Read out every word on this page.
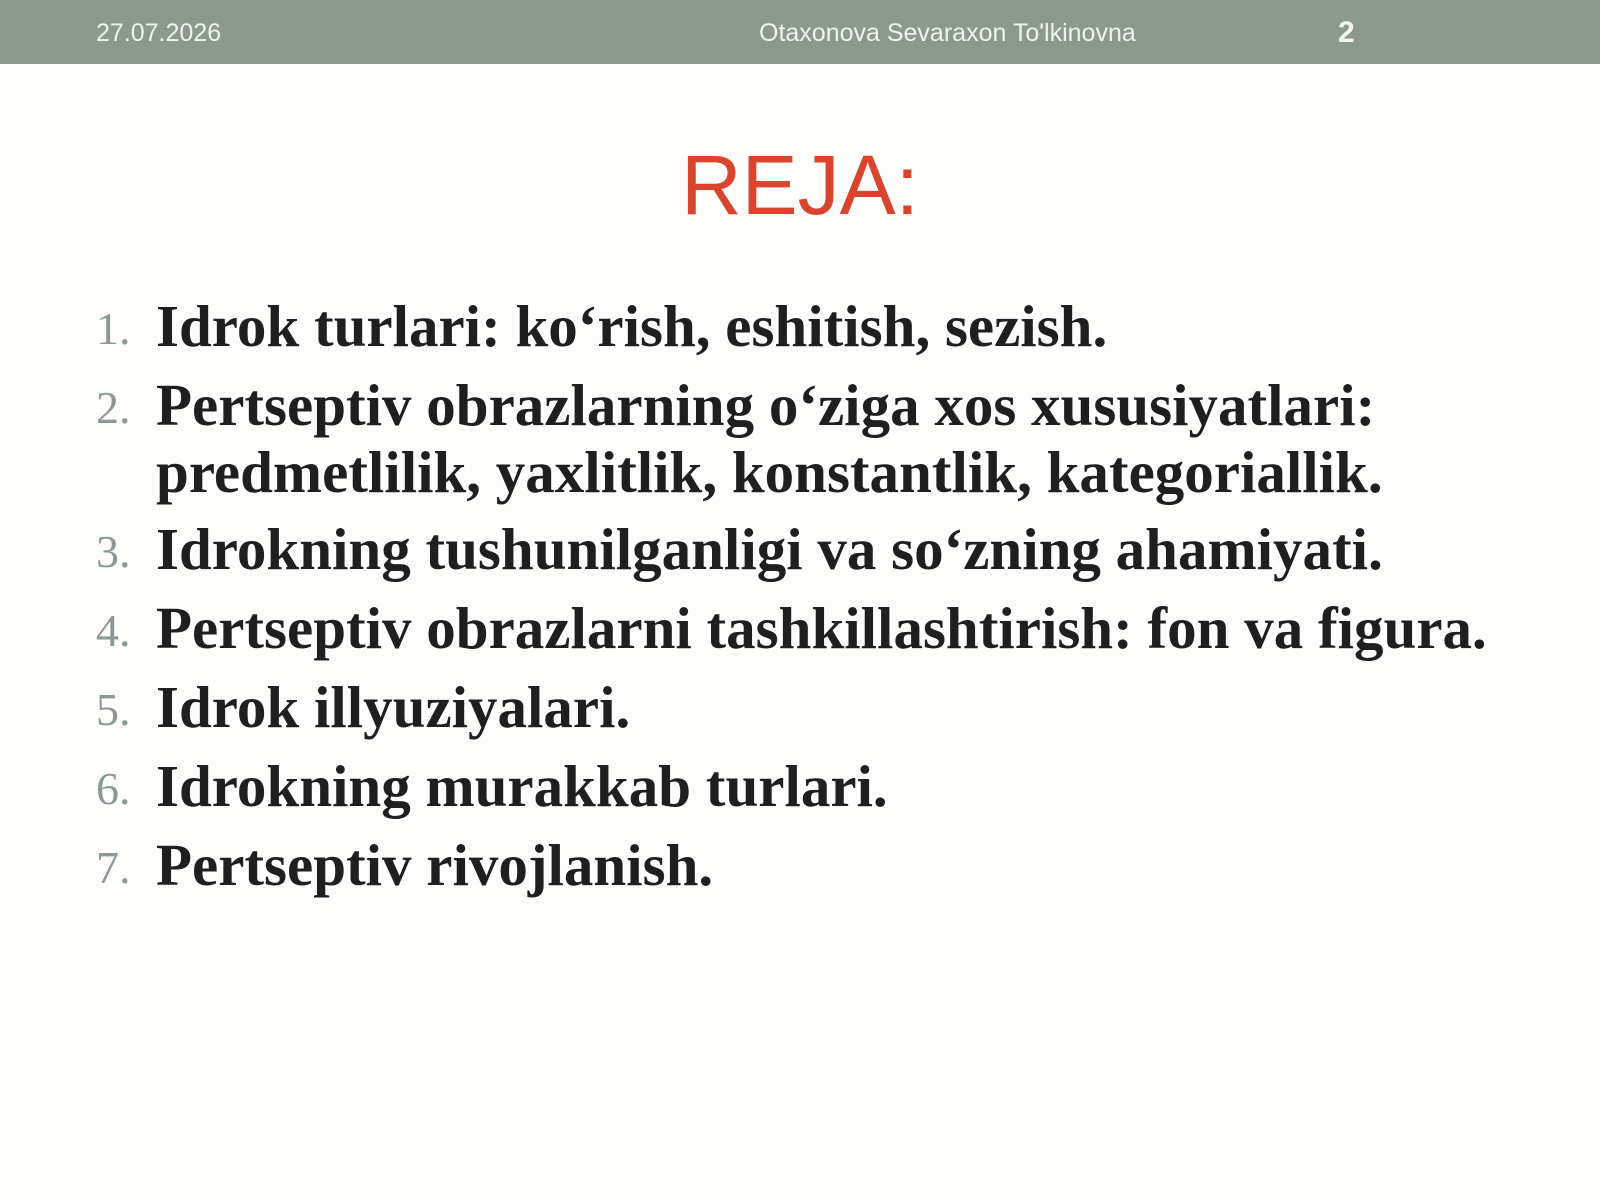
27.07.2026	Otaxonova Sevaraxon To'lkinovna	2
REJA:
1. Idrok turlari: ko‘rish, eshitish, sezish.
2. Pertseptiv obrazlarning o‘ziga xos xususiyatlari: predmetlilik, yaxlitlik, konstantlik, kategoriallik.
3. Idrokning tushunilganligi va so‘zning ahamiyati.
4. Pertseptiv obrazlarni tashkillashtirish: fon va figura.
5. Idrok illyuziyalari.
6. Idrokning murakkab turlari.
7. Pertseptiv rivojlanish.
